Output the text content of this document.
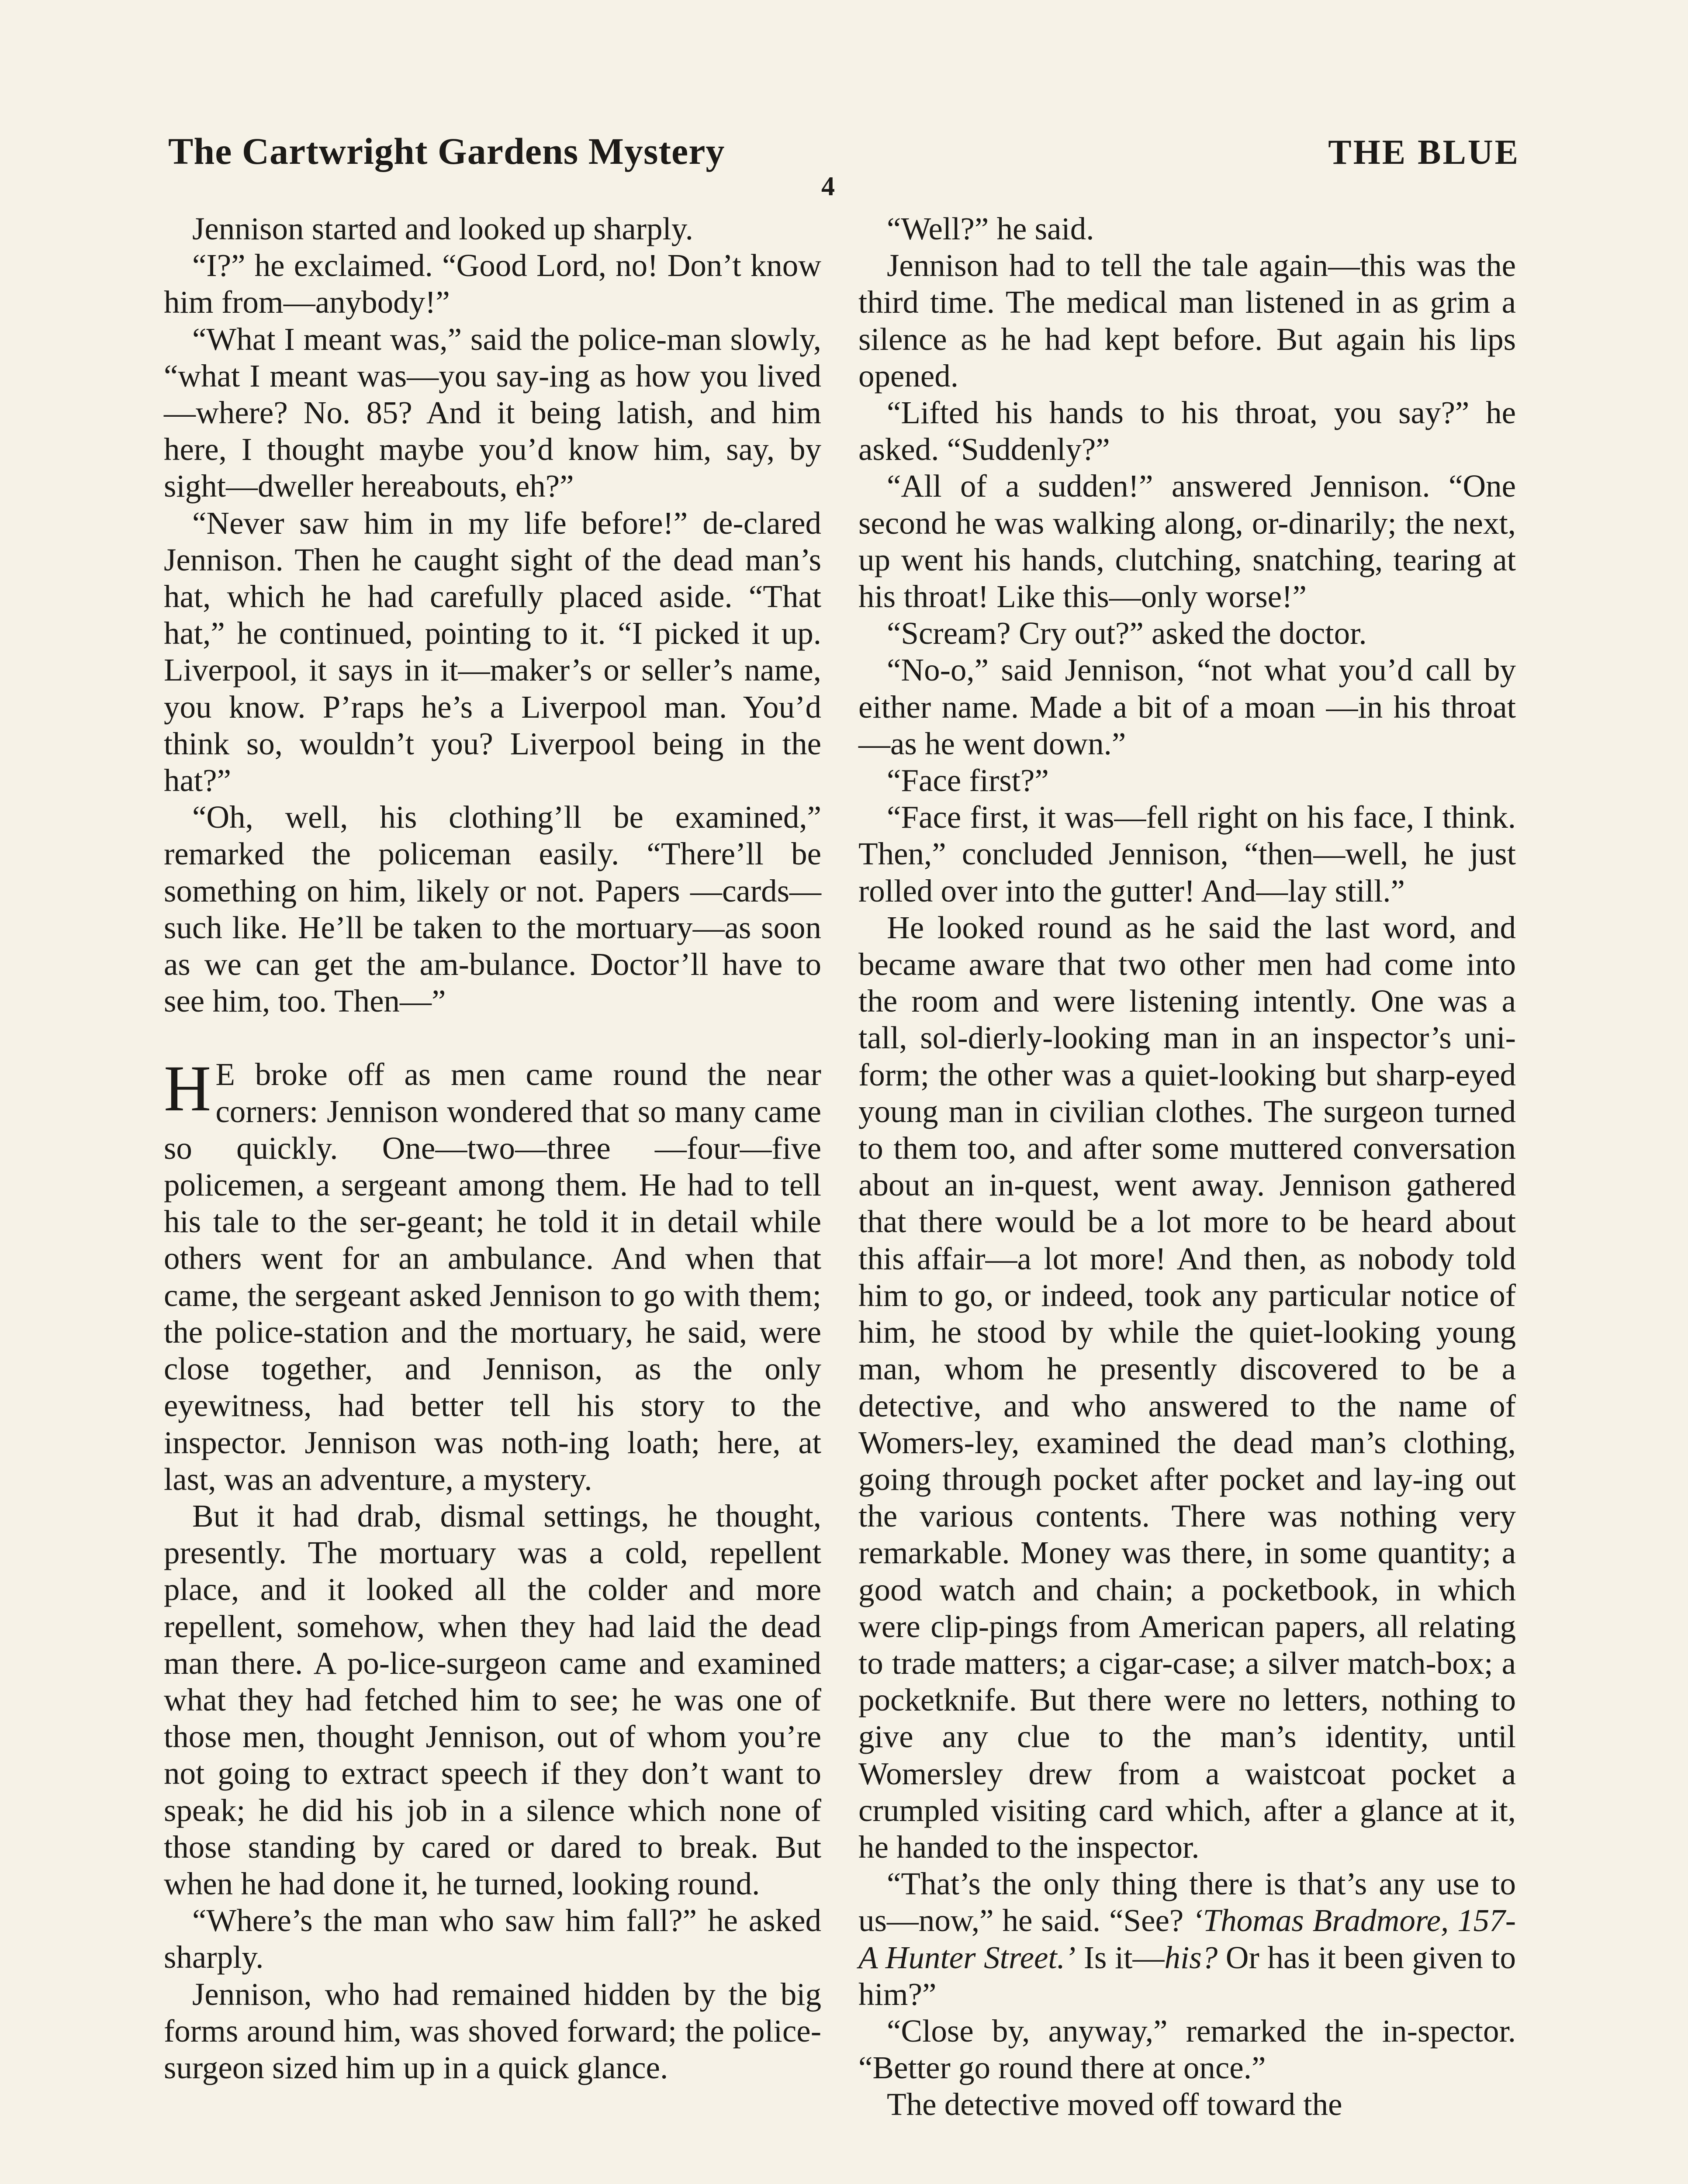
The Cartwright Gardens Mystery	THE BLUE
4

Jennison started and looked up sharply.

“I?” he exclaimed. “Good Lord, no! Don’t know him from—anybody!”

“What I meant was,” said the police-man slowly, “what I meant was—you say-ing as how you lived—where? No. 85? And it being latish, and him here, I thought maybe you’d know him, say, by sight—dweller hereabouts, eh?”

“Never saw him in my life before!” de-clared Jennison. Then he caught sight of the dead man’s hat, which he had carefully placed aside. “That hat,” he continued, pointing to it. “I picked it up. Liverpool, it says in it—maker’s or seller’s name, you know. P’raps he’s a Liverpool man. You’d think so, wouldn’t you? Liverpool being in the hat?”

“Oh, well, his clothing’ll be examined,” remarked the policeman easily. “There’ll be something on him, likely or not. Papers —cards—such like. He’ll be taken to the mortuary—as soon as we can get the am-bulance. Doctor’ll have to see him, too. Then—”

H E broke off as men came round the near corners: Jennison wondered that so many came so quickly. One—two—three —four—five policemen, a sergeant among them. He had to tell his tale to the ser-geant; he told it in detail while others went for an ambulance. And when that came, the sergeant asked Jennison to go with them; the police-station and the mortuary, he said, were close together, and Jennison, as the only eyewitness, had better tell his story to the inspector. Jennison was noth-ing loath; here, at last, was an adventure, a mystery.

But it had drab, dismal settings, he thought, presently. The mortuary was a cold, repellent place, and it looked all the colder and more repellent, somehow, when they had laid the dead man there. A po-lice-surgeon came and examined what they had fetched him to see; he was one of those men, thought Jennison, out of whom you’re not going to extract speech if they don’t want to speak; he did his job in a silence which none of those standing by cared or dared to break. But when he had done it, he turned, looking round.

“Where’s the man who saw him fall?” he asked sharply.

Jennison, who had remained hidden by the big forms around him, was shoved forward; the police-surgeon sized him up in a quick glance.

“Well?” he said.

Jennison had to tell the tale again—this was the third time. The medical man listened in as grim a silence as he had kept before. But again his lips opened.

“Lifted his hands to his throat, you say?” he asked. “Suddenly?”

“All of a sudden!” answered Jennison. “One second he was walking along, or-dinarily; the next, up went his hands, clutching, snatching, tearing at his throat! Like this—only worse!”

“Scream? Cry out?” asked the doctor.

“No-o,” said Jennison, “not what you’d call by either name. Made a bit of a moan —in his throat—as he went down.”

“Face first?”

“Face first, it was—fell right on his face, I think. Then,” concluded Jennison, “then—well, he just rolled over into the gutter! And—lay still.”

He looked round as he said the last word, and became aware that two other men had come into the room and were listening intently. One was a tall, sol-dierly-looking man in an inspector’s uni-form; the other was a quiet-looking but sharp-eyed young man in civilian clothes. The surgeon turned to them too, and after some muttered conversation about an in-quest, went away. Jennison gathered that there would be a lot more to be heard about this affair—a lot more! And then, as nobody told him to go, or indeed, took any particular notice of him, he stood by while the quiet-looking young man, whom he presently discovered to be a detective, and who answered to the name of Womers-ley, examined the dead man’s clothing, going through pocket after pocket and lay-ing out the various contents. There was nothing very remarkable. Money was there, in some quantity; a good watch and chain; a pocketbook, in which were clip-pings from American papers, all relating to trade matters; a cigar-case; a silver match-box; a pocketknife. But there were no letters, nothing to give any clue to the man’s identity, until Womersley drew from a waistcoat pocket a crumpled visiting card which, after a glance at it, he handed to the inspector.

“That’s the only thing there is that’s any use to us—now,” he said. “See? ‘Thomas Bradmore, 157-A Hunter Street.’ Is it—his? Or has it been given to him?”

“Close by, anyway,” remarked the in-spector. “Better go round there at once.”

The detective moved off toward the
